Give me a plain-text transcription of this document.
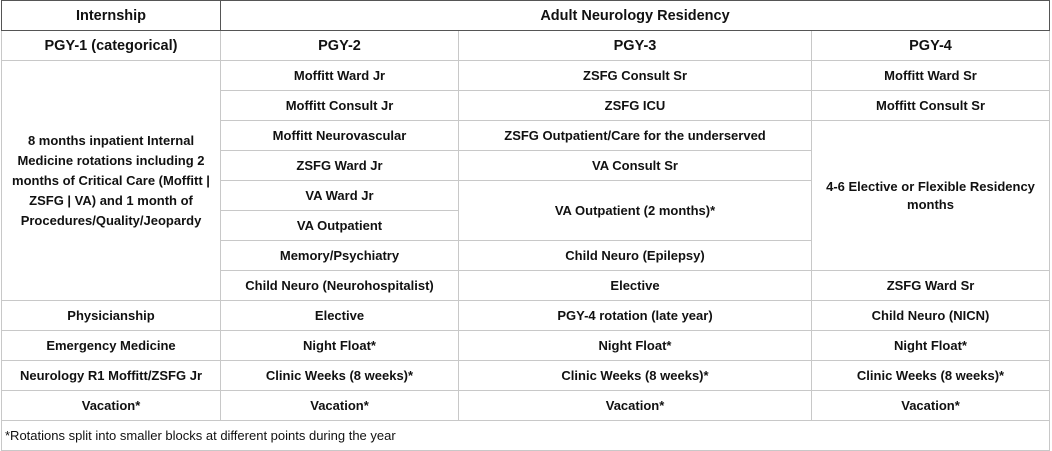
Internship	Adult Neurology Residency		
PGY-1 (categorical)	PGY-2	PGY-3	PGY-4
8 months inpatient Internal Medicine rotations including 2 months of Critical Care (Moffitt | ZSFG | VA) and 1 month of Procedures/Quality/Jeopardy	Moffitt Ward Jr	ZSFG Consult Sr	Moffitt Ward Sr
	Moffitt Consult Jr	ZSFG ICU	Moffitt Consult Sr
	Moffitt Neurovascular	ZSFG Outpatient/Care for the underserved	4-6 Elective or Flexible Residency months
	ZSFG Ward Jr	VA Consult Sr	
	VA Ward Jr	VA Outpatient (2 months)*	
	VA Outpatient		
	Memory/Psychiatry	Child Neuro (Epilepsy)	
	Child Neuro (Neurohospitalist)	Elective	ZSFG Ward Sr
Physicianship	Elective	PGY-4 rotation (late year)	Child Neuro (NICN)
Emergency Medicine	Night Float*	Night Float*	Night Float*
Neurology R1 Moffitt/ZSFG Jr	Clinic Weeks (8 weeks)*	Clinic Weeks (8 weeks)*	Clinic Weeks (8 weeks)*
Vacation*	Vacation*	Vacation*	Vacation*
*Rotations split into smaller blocks at different points during the year			
